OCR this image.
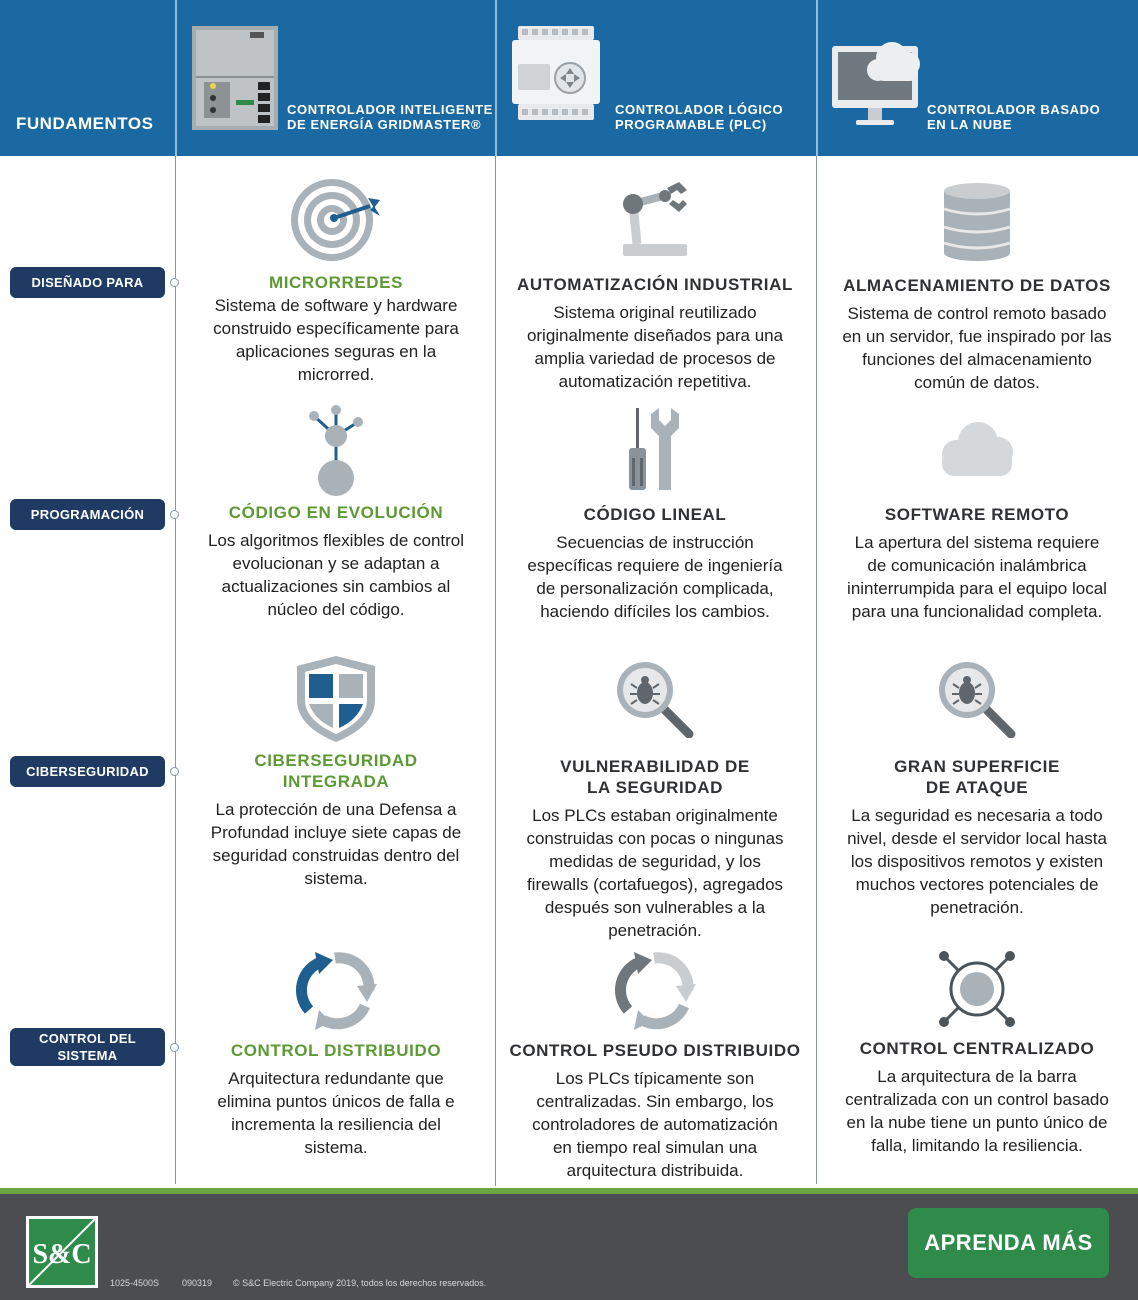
FUNDAMENTOS
CONTROLADOR INTELIGENTE
DE ENERGÍA GRIDMASTER®
CONTROLADOR LÓGICO
PROGRAMABLE (PLC)
CONTROLADOR BASADO
EN LA NUBE
DISEÑADO PARA
PROGRAMACIÓN
CIBERSEGURIDAD
CONTROL DEL
SISTEMA
MICRORREDES
Sistema de software y hardware
construido específicamente para
aplicaciones seguras en la
microrred.
AUTOMATIZACIÓN INDUSTRIAL
Sistema original reutilizado
originalmente diseñados para una
amplia variedad de procesos de
automatización repetitiva.
ALMACENAMIENTO DE DATOS
Sistema de control remoto basado
en un servidor, fue inspirado por las
funciones del almacenamiento
común de datos.
CÓDIGO EN EVOLUCIÓN
Los algoritmos flexibles de control
evolucionan y se adaptan a
actualizaciones sin cambios al
núcleo del código.
CÓDIGO LINEAL
Secuencias de instrucción
específicas requiere de ingeniería
de personalización complicada,
haciendo difíciles los cambios.
SOFTWARE REMOTO
La apertura del sistema requiere
de comunicación inalámbrica
ininterrumpida para el equipo local
para una funcionalidad completa.
CIBERSEGURIDAD
INTEGRADA
La protección de una Defensa a
Profundad incluye siete capas de
seguridad construidas dentro del
sistema.
VULNERABILIDAD DE
LA SEGURIDAD
Los PLCs estaban originalmente
construidas con pocas o ningunas
medidas de seguridad, y los
firewalls (cortafuegos), agregados
después son vulnerables a la
penetración.
GRAN SUPERFICIE
DE ATAQUE
La seguridad es necesaria a todo
nivel, desde el servidor local hasta
los dispositivos remotos y existen
muchos vectores potenciales de
penetración.
CONTROL DISTRIBUIDO
Arquitectura redundante que
elimina puntos únicos de falla e
incrementa la resiliencia del
sistema.
CONTROL PSEUDO DISTRIBUIDO
Los PLCs típicamente son
centralizadas. Sin embargo, los
controladores de automatización
en tiempo real simulan una
arquitectura distribuida.
CONTROL CENTRALIZADO
La arquitectura de la barra
centralizada con un control basado
en la nube tiene un punto único de
falla, limitando la resiliencia.
S&C
1025-4500S	090319 © S&C Electric Company 2019, todos los derechos reservados.
APRENDA MÁS
